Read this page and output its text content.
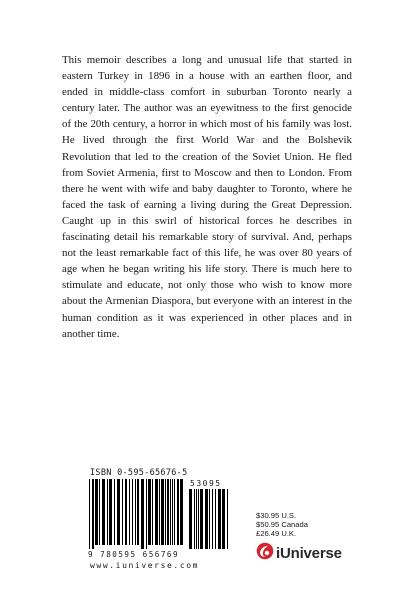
This memoir describes a long and unusual life that started in eastern Turkey in 1896 in a house with an earthen floor, and ended in middle-class comfort in suburban Toronto nearly a century later. The author was an eyewitness to the first genocide of the 20th century, a horror in which most of his family was lost. He lived through the first World War and the Bolshevik Revolution that led to the creation of the Soviet Union. He fled from Soviet Armenia, first to Moscow and then to London. From there he went with wife and baby daughter to Toronto, where he faced the task of earning a living during the Great Depression. Caught up in this swirl of historical forces he describes in fascinating detail his remarkable story of survival. And, perhaps not the least remarkable fact of this life, he was over 80 years of age when he began writing his life story. There is much here to stimulate and educate, not only those who wish to know more about the Armenian Diaspora, but everyone with an interest in the human condition as it was experienced in other places and in another time.

ISBN 0-595-65676-5
9 780595 656769
53095
www.iuniverse.com
$30.95 U.S.
$50.95 Canada
£26.49 U.K.
iUniverse
